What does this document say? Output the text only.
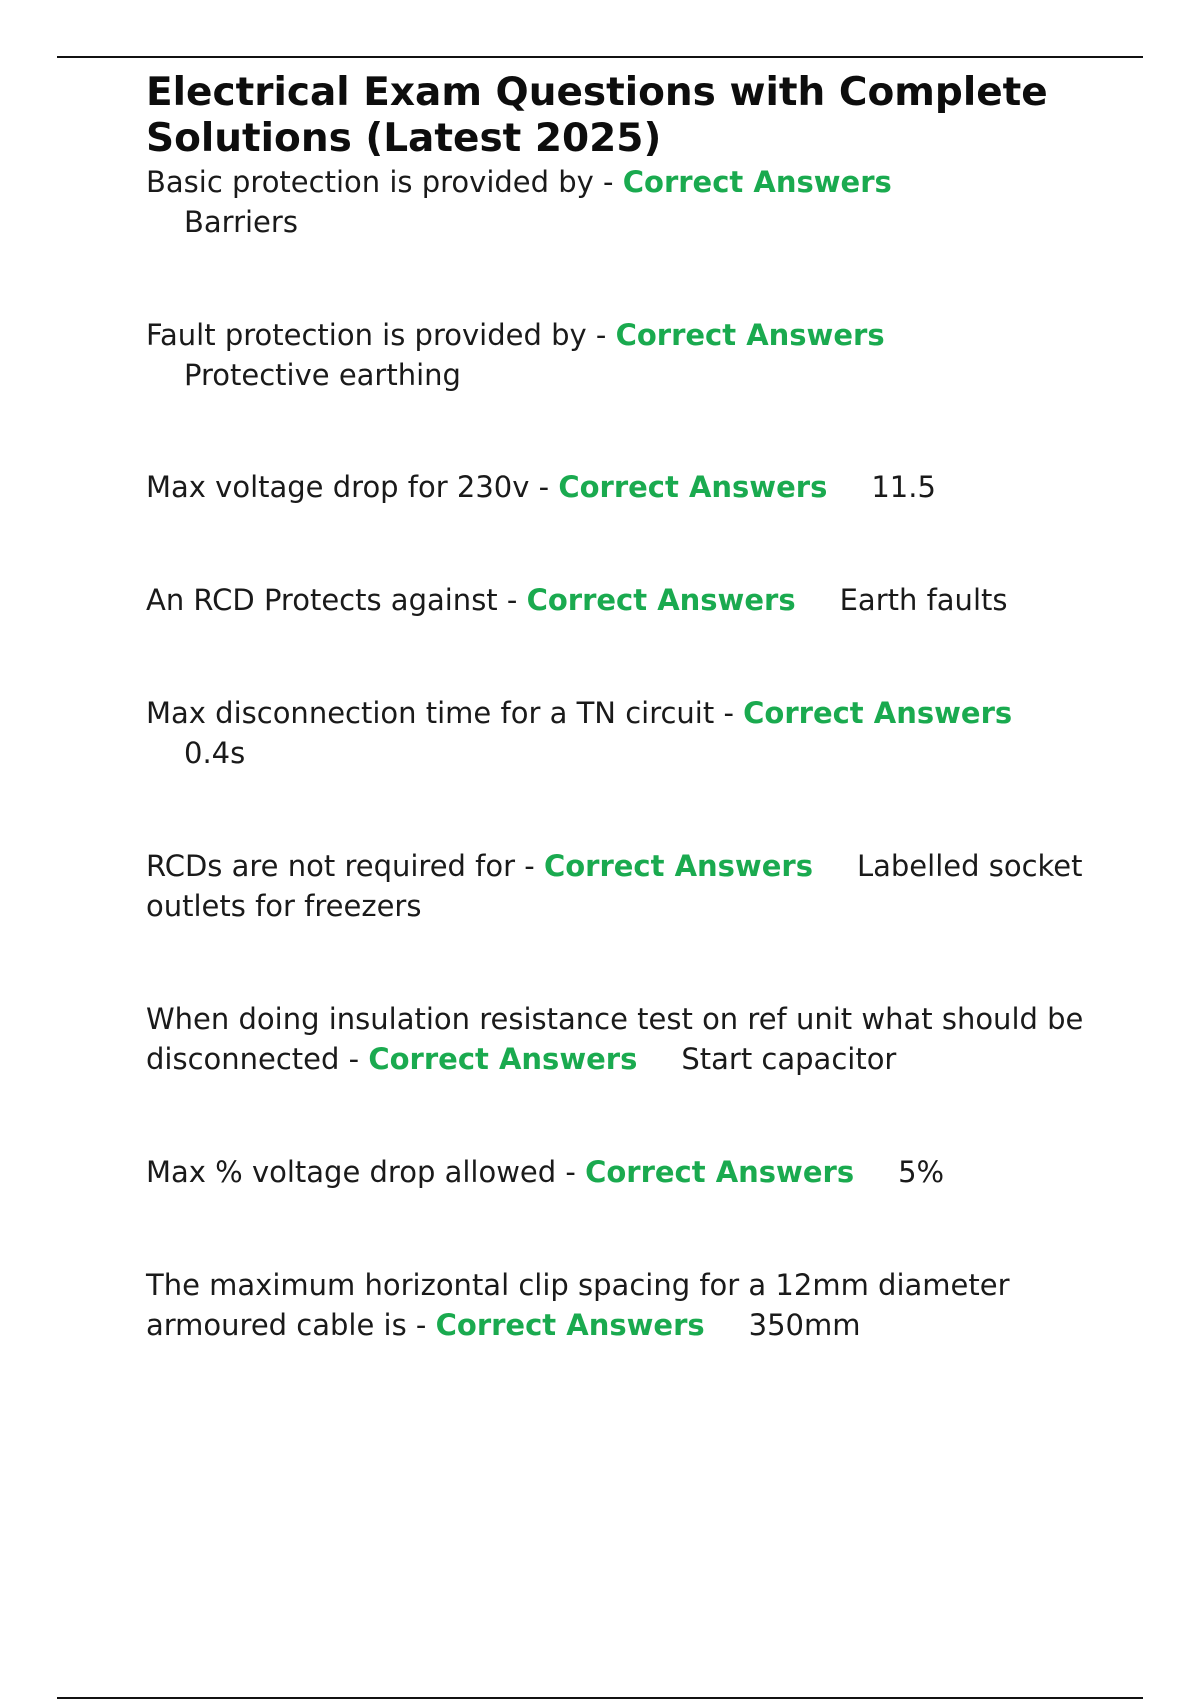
Electrical Exam Questions with Complete Solutions (Latest 2025)

Basic protection is provided by - Correct Answers
Barriers

Fault protection is provided by - Correct Answers
Protective earthing

Max voltage drop for 230v - Correct Answers 11.5

An RCD Protects against - Correct Answers Earth faults

Max disconnection time for a TN circuit - Correct Answers
0.4s

RCDs are not required for - Correct Answers Labelled socket outlets for freezers

When doing insulation resistance test on ref unit what should be disconnected - Correct Answers Start capacitor

Max % voltage drop allowed - Correct Answers 5%

The maximum horizontal clip spacing for a 12mm diameter armoured cable is - Correct Answers 350mm
